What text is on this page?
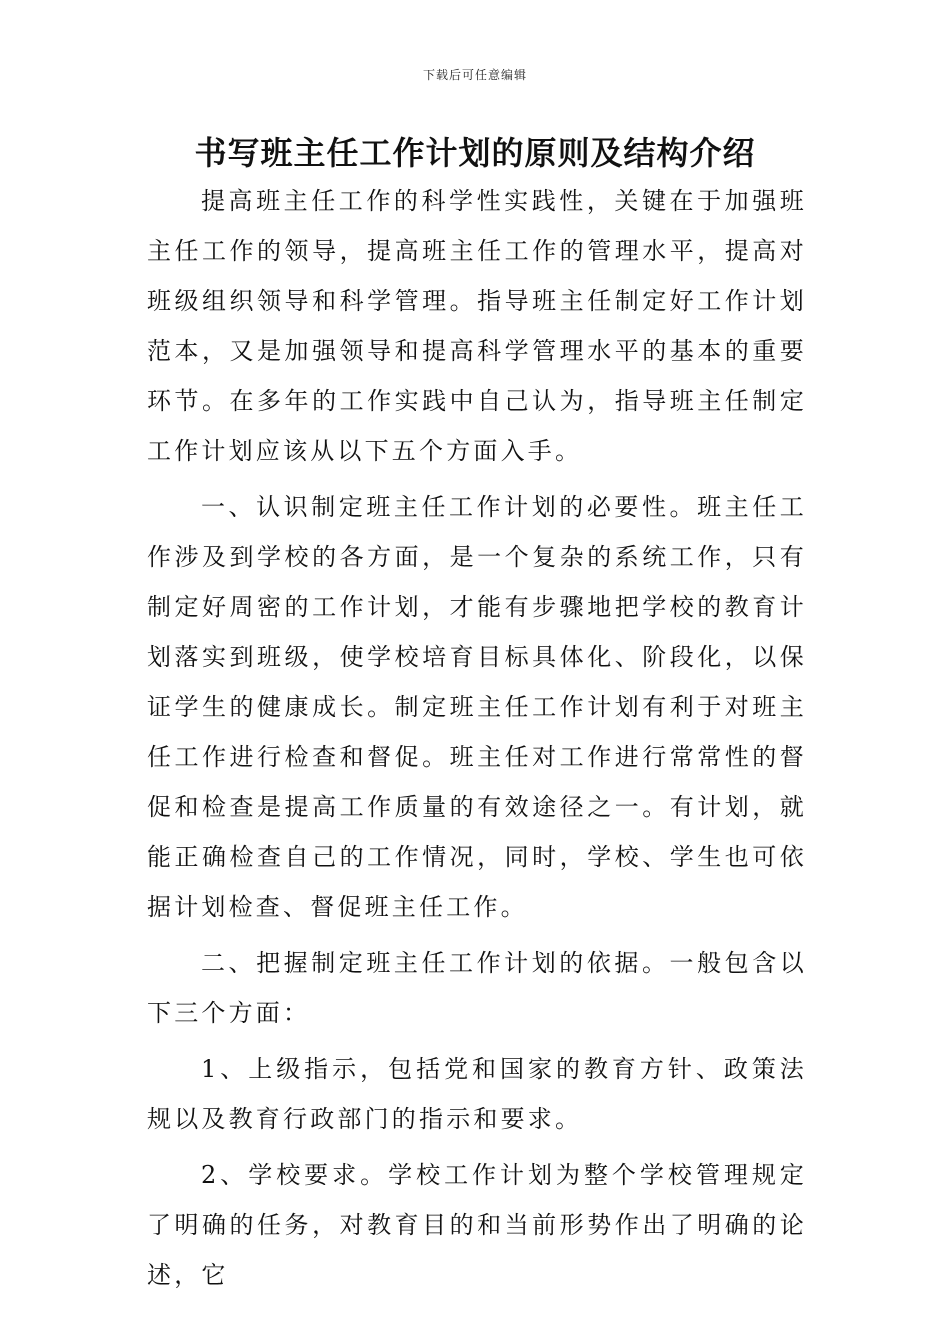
下载后可任意编辑
书写班主任工作计划的原则及结构介绍

提高班主任工作的科学性实践性，关键在于加强班主任工作的领导，提高班主任工作的管理水平，提高对班级组织领导和科学管理。指导班主任制定好工作计划范本，又是加强领导和提高科学管理水平的基本的重要环节。在多年的工作实践中自己认为，指导班主任制定工作计划应该从以下五个方面入手。

一、认识制定班主任工作计划的必要性。班主任工作涉及到学校的各方面，是一个复杂的系统工作，只有制定好周密的工作计划，才能有步骤地把学校的教育计划落实到班级，使学校培育目标具体化、阶段化，以保证学生的健康成长。制定班主任工作计划有利于对班主任工作进行检查和督促。班主任对工作进行常常性的督促和检查是提高工作质量的有效途径之一。有计划，就能正确检查自己的工作情况，同时，学校、学生也可依据计划检查、督促班主任工作。

二、把握制定班主任工作计划的依据。一般包含以下三个方面：

1、上级指示，包括党和国家的教育方针、政策法规以及教育行政部门的指示和要求。

2、学校要求。学校工作计划为整个学校管理规定了明确的任务，对教育目的和当前形势作出了明确的论述，它
